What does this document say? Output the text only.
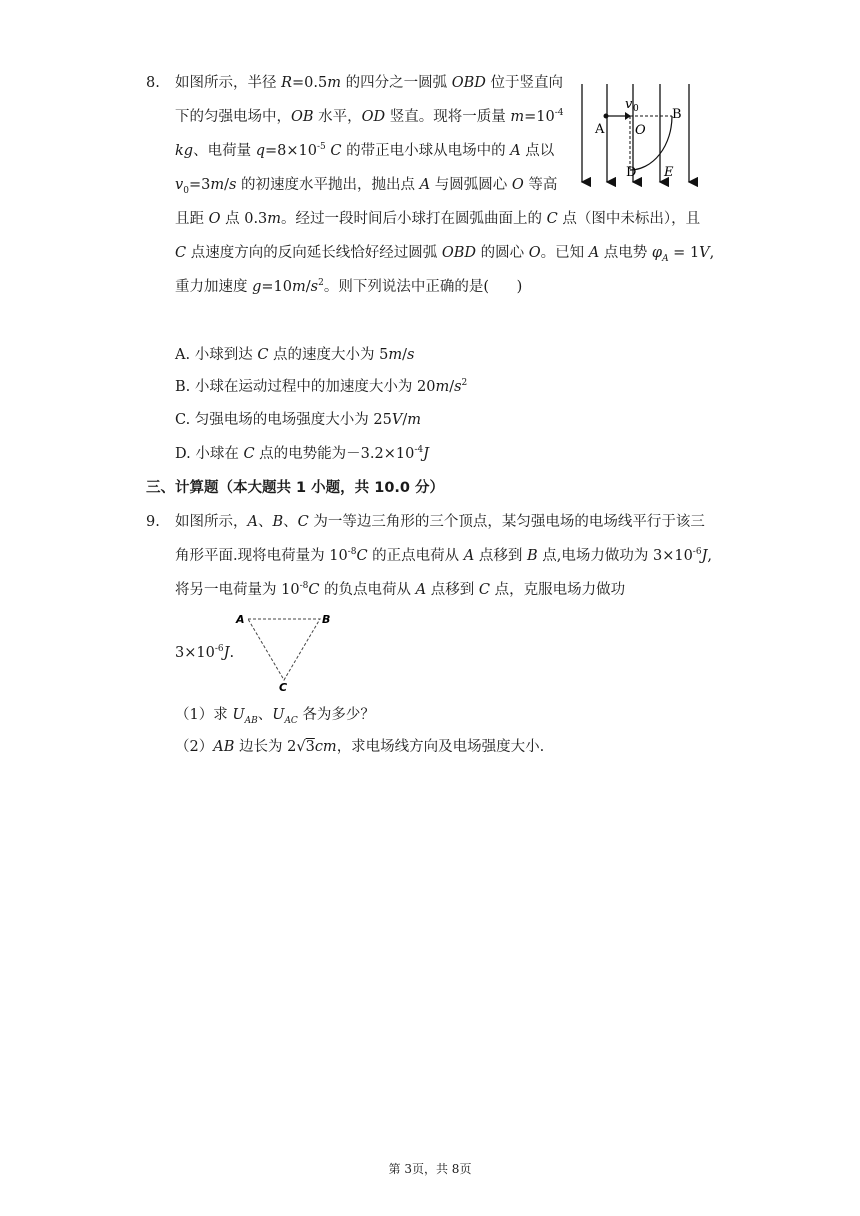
8. 如图所示，半径 R=0.5m 的四分之一圆弧 OBD 位于竖直向
下的匀强电场中，OB 水平，OD 竖直。现将一质量 $m=10^{-4}$
kg、电荷量 $q=8\times 10^{-5}$ C 的带正电小球从电场中的 A 点以
$v_0=3m/s$ 的初速度水平抛出，抛出点 A 与圆弧圆心 O 等高
且距 O 点 0.3m。经过一段时间后小球打在圆弧曲面上的 C 点（图中未标出），且
C 点速度方向的反向延长线恰好经过圆弧 OBD 的圆心 O。已知 A 点电势 $\varphi_A = 1V$,
重力加速度 $g=10m/s^2$。则下列说法中正确的是(      )
v 0
A O
B
D E
A. 小球到达 C 点的速度大小为 5m/s
B. 小球在运动过程中的加速度大小为 $20m/s^2$
C. 匀强电场的电场强度大小为 25V/m
D. 小球在 C 点的电势能为$-3.2\times 10^{-4}J$
三、计算题（本大题共 1 小题，共 10.0 分）
9. 如图所示，A、B、C 为一等边三角形的三个顶点，某匀强电场的电场线平行于该三
角形平面.现将电荷量为 $10^{-8}C$ 的正点电荷从 A 点移到 B 点,电场力做功为 $3\times 10^{-6}J$,
将另一电荷量为 $10^{-8}C$ 的负点电荷从 A 点移到 C 点，克服电场力做功
$3\times 10^{-6}J$.
A	B
C
（1）求 $U_{AB}$、$U_{AC}$ 各为多少？
（2）AB 边长为 2√3cm，求电场线方向及电场强度大小.
第 3页，共 8页
